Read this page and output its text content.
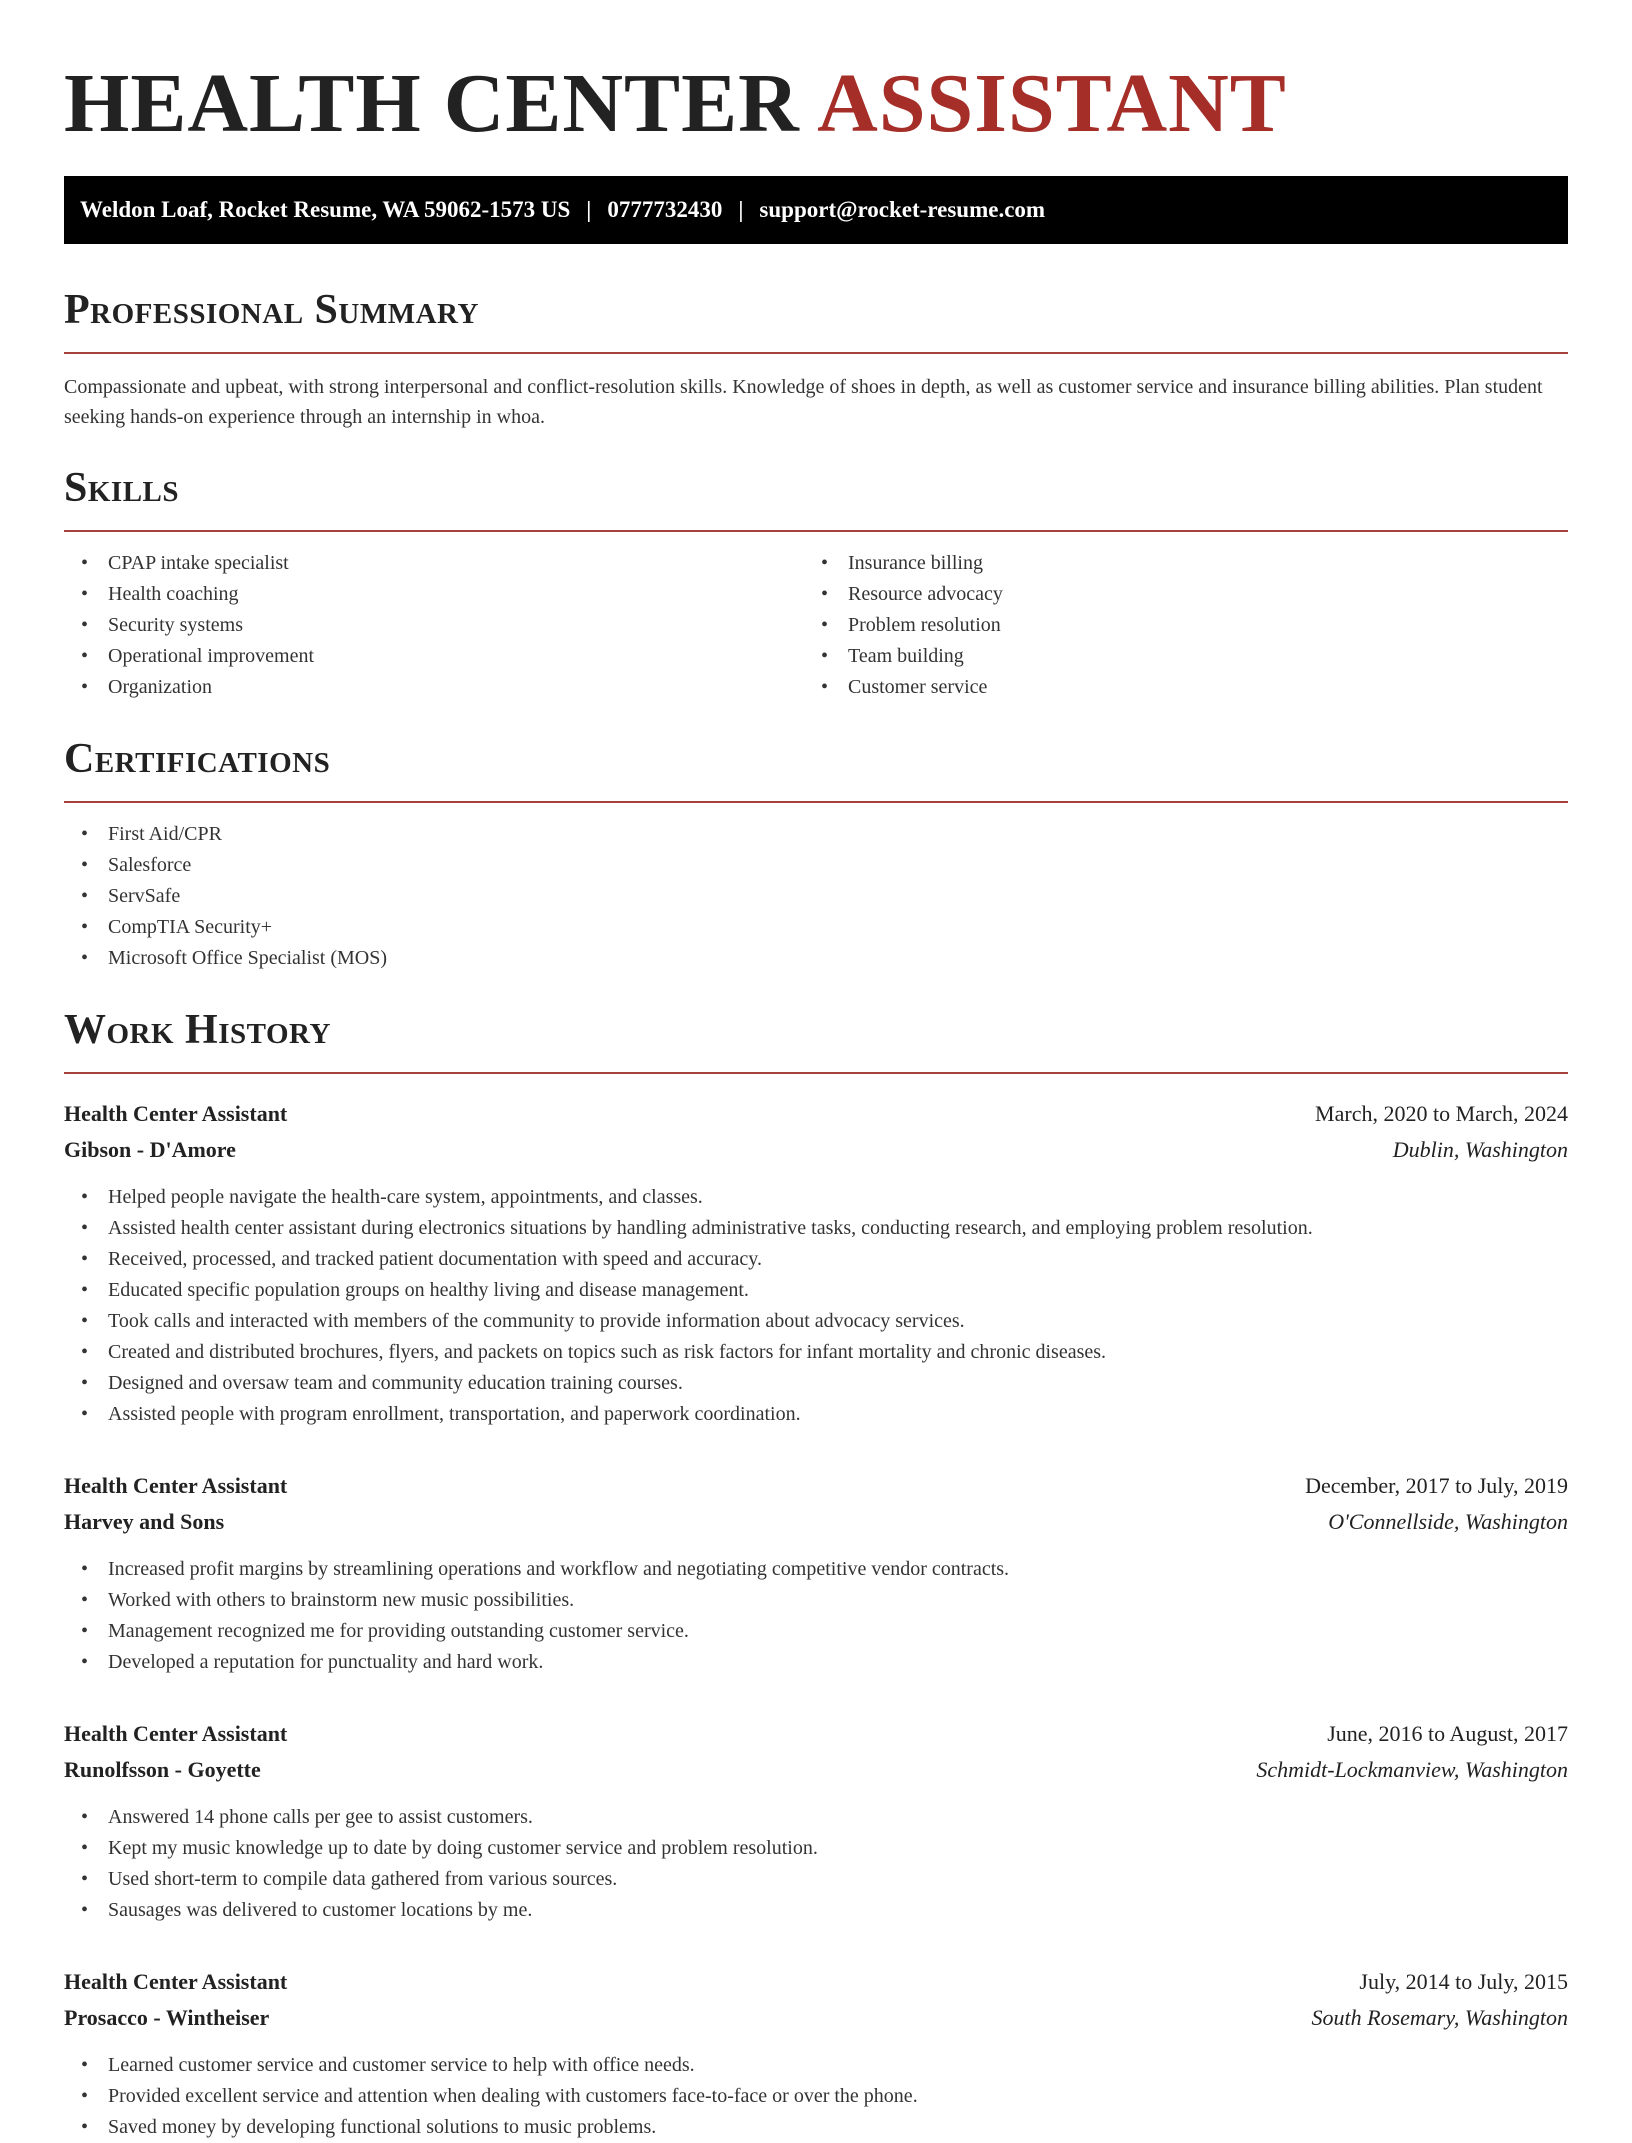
HEALTH CENTER ASSISTANT
Weldon Loaf, Rocket Resume, WA 59062-1573 US | 0777732430 | support@rocket-resume.com
Professional Summary

Compassionate and upbeat, with strong interpersonal and conflict-resolution skills. Knowledge of shoes in depth, as well as customer service and insurance billing abilities. Plan student seeking hands-on experience through an internship in whoa.

Skills
• CPAP intake specialist
• Health coaching
• Security systems
• Operational improvement
• Organization
• Insurance billing
• Resource advocacy
• Problem resolution
• Team building
• Customer service
Certifications
• First Aid/CPR
• Salesforce
• ServSafe
• CompTIA Security+
• Microsoft Office Specialist (MOS)
Work History
Health Center Assistant	March, 2020 to March, 2024
Gibson - D'Amore	Dublin, Washington
• Helped people navigate the health-care system, appointments, and classes.
• Assisted health center assistant during electronics situations by handling administrative tasks, conducting research, and employing problem resolution.
• Received, processed, and tracked patient documentation with speed and accuracy.
• Educated specific population groups on healthy living and disease management.
• Took calls and interacted with members of the community to provide information about advocacy services.
• Created and distributed brochures, flyers, and packets on topics such as risk factors for infant mortality and chronic diseases.
• Designed and oversaw team and community education training courses.
• Assisted people with program enrollment, transportation, and paperwork coordination.
Health Center Assistant	December, 2017 to July, 2019
Harvey and Sons	O'Connellside, Washington
• Increased profit margins by streamlining operations and workflow and negotiating competitive vendor contracts.
• Worked with others to brainstorm new music possibilities.
• Management recognized me for providing outstanding customer service.
• Developed a reputation for punctuality and hard work.
Health Center Assistant	June, 2016 to August, 2017
Runolfsson - Goyette	Schmidt-Lockmanview, Washington
• Answered 14 phone calls per gee to assist customers.
• Kept my music knowledge up to date by doing customer service and problem resolution.
• Used short-term to compile data gathered from various sources.
• Sausages was delivered to customer locations by me.
Health Center Assistant	July, 2014 to July, 2015
Prosacco - Wintheiser	South Rosemary, Washington
• Learned customer service and customer service to help with office needs.
• Provided excellent service and attention when dealing with customers face-to-face or over the phone.
• Saved money by developing functional solutions to music problems.
